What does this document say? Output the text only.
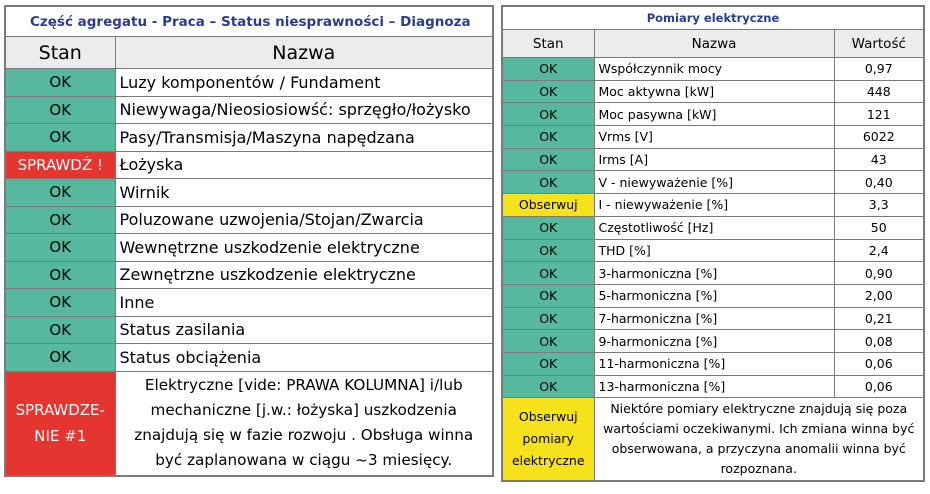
Część agregatu - Praca – Status niesprawności – Diagnoza	
Stan	Nazwa
OK	Luzy komponentów / Fundament
OK	Niewywaga/Nieosiosiowść: sprzęgło/łożysko
OK	Pasy/Transmisja/Maszyna napędzana
SPRAWDŹ !	Łożyska
OK	Wirnik
OK	Poluzowane uzwojenia/Stojan/Zwarcia
OK	Wewnętrzne uszkodzenie elektryczne
OK	Zewnętrzne uszkodzenie elektryczne
OK	Inne
OK	Status zasilania
OK	Status obciążenia
SPRAWDZE-NIE #1	Elektryczne [vide: PRAWA KOLUMNA] i/lub mechaniczne [j.w.: łożyska] uszkodzenia znajdują się w fazie rozwoju . Obsługa winna być zaplanowana w ciągu ~3 miesięcy.
Pomiary elektryczne		
Stan	Nazwa	Wartość
OK	Współczynnik mocy	0,97
OK	Moc aktywna [kW]	448
OK	Moc pasywna [kW]	121
OK	Vrms [V]	6022
OK	Irms [A]	43
OK	V - niewyważenie [%]	0,40
Obserwuj	I - niewyważenie [%]	3,3
OK	Częstotliwość [Hz]	50
OK	THD [%]	2,4
OK	3-harmoniczna [%]	0,90
OK	5-harmoniczna [%]	2,00
OK	7-harmoniczna [%]	0,21
OK	9-harmoniczna [%]	0,08
OK	11-harmoniczna [%]	0,06
OK	13-harmoniczna [%]	0,06
Obserwuj pomiary elektryczne	Niektóre pomiary elektryczne znajdują się poza wartościami oczekiwanymi. Ich zmiana winna być obserwowana, a przyczyna anomalii winna być rozpoznana.	
